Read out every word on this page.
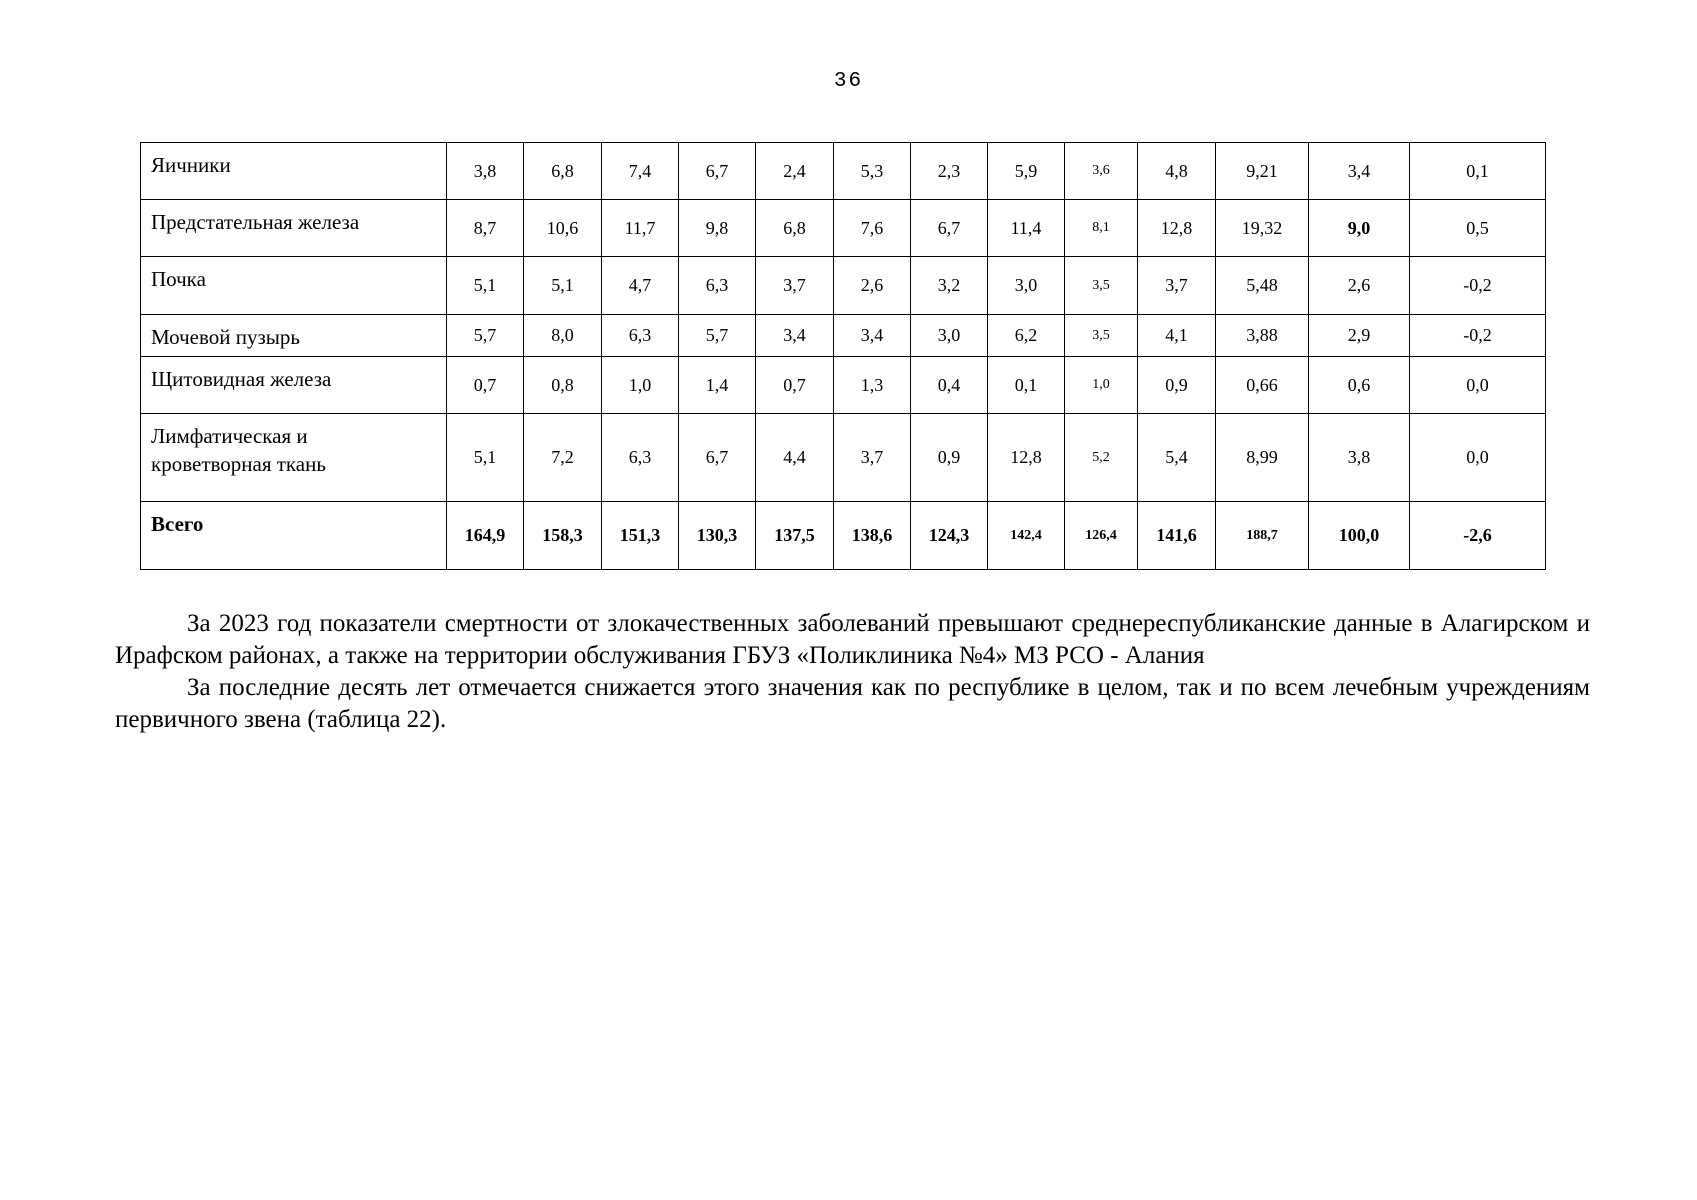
36
Яичники	3,8	6,8	7,4	6,7	2,4	5,3	2,3	5,9	3,6	4,8	9,21	3,4	0,1
Предстательная железа	8,7	10,6	11,7	9,8	6,8	7,6	6,7	11,4	8,1	12,8	19,32	9,0	0,5
Почка	5,1	5,1	4,7	6,3	3,7	2,6	3,2	3,0	3,5	3,7	5,48	2,6	-0,2
Мочевой пузырь	5,7	8,0	6,3	5,7	3,4	3,4	3,0	6,2	3,5	4,1	3,88	2,9	-0,2
Щитовидная железа	0,7	0,8	1,0	1,4	0,7	1,3	0,4	0,1	1,0	0,9	0,66	0,6	0,0

Лимфатическая и
кроветворная ткань	5,1	7,2	6,3	6,7	4,4	3,7	0,9	12,8	5,2	5,4	8,99	3,8	0,0
Всего	164,9	158,3	151,3	130,3	137,5	138,6	124,3	142,4	126,4	141,6	188,7	100,0	-2,6

За 2023 год показатели смертности от злокачественных заболеваний превышают среднереспубликанские данные в Алагирском и Ирафском районах, а также на территории обслуживания ГБУЗ «Поликлиника №4» МЗ РСО - Алания

За последние десять лет отмечается снижается этого значения как по республике в целом, так и по всем лечебным учреждениям первичного звена (таблица 22).
